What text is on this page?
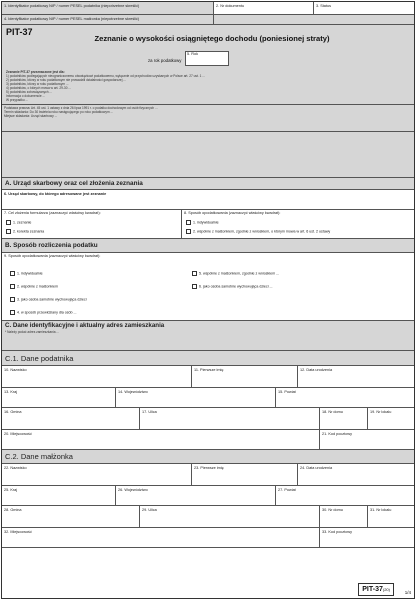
1. Identyfikator podatkowy NIP / numer PESEL podatnika (niepotrzebne skreślić)	2. Nr dokumentu	3. Status
4. Identyfikator podatkowy NIP / numer PESEL małżonka (niepotrzebne skreślić)
PIT-37
Zeznanie o wysokości osiągniętego dochodu (poniesionej straty)
za rok podatkowy
5. Rok
Zeznanie PIT-37 przeznaczone jest dla:
1) podatników podlegających nieograniczonemu obowiązkowi podatkowemu, wyłącznie od przychodów uzyskanych w Polsce art. 27 ust. 1 ...
2) podatników, którzy w roku podatkowym nie prowadzili działalności gospodarczej ...
3) podatników, którzy w roku podatkowym ...
4) podatników, o których mowa w art. 29-30 ...
5) podatników zobowiązanych ...
Informacja o dokumencie ...
W przypadku ...
Podstawa prawna: Art. 45 ust. 1 ustawy z dnia 26 lipca 1991 r. o podatku dochodowym od osób fizycznych ...
Termin składania: Do 30 kwietnia roku następującego po roku podatkowym ...
Miejsce składania: Urząd skarbowy ...
A. Urząd skarbowy oraz cel złożenia zeznania
6. Urząd skarbowy, do którego adresowane jest zeznanie
7. Cel złożenia formularza (zaznaczyć właściwy kwadrat):
1. zeznanie
2. korekta zeznania
8. Sposób opodatkowania (zaznaczyć właściwy kwadrat):
1. indywidualnie
2. wspólnie z małżonkiem, zgodnie z wnioskiem, o którym mowa w art. 6 ust. 2 ustawy
B. Sposób rozliczenia podatku
9. Sposób opodatkowania (zaznaczyć właściwy kwadrat):
1. indywidualnie
2. wspólnie z małżonkiem
3. jako osoba samotnie wychowująca dzieci
4. w sposób przewidziany dla osób ...
5. wspólnie z małżonkiem, zgodnie z wnioskiem ...
6. jako osoba samotnie wychowująca dzieci ...
C. Dane identyfikacyjne i aktualny adres zamieszkania
* Należy podać adres zamieszkania ...
C.1. Dane podatnika
10. Nazwisko	11. Pierwsze imię	12. Data urodzenia
13. Kraj	14. Województwo	15. Powiat
16. Gmina	17. Ulica	18. Nr domu	19. Nr lokalu
20. Miejscowość	21. Kod pocztowy
C.2. Dane małżonka
22. Nazwisko	23. Pierwsze imię	24. Data urodzenia
25. Kraj	26. Województwo	27. Powiat
28. Gmina	29. Ulica	30. Nr domu	31. Nr lokalu
32. Miejscowość	33. Kod pocztowy
PIT-37(20)
1/4
